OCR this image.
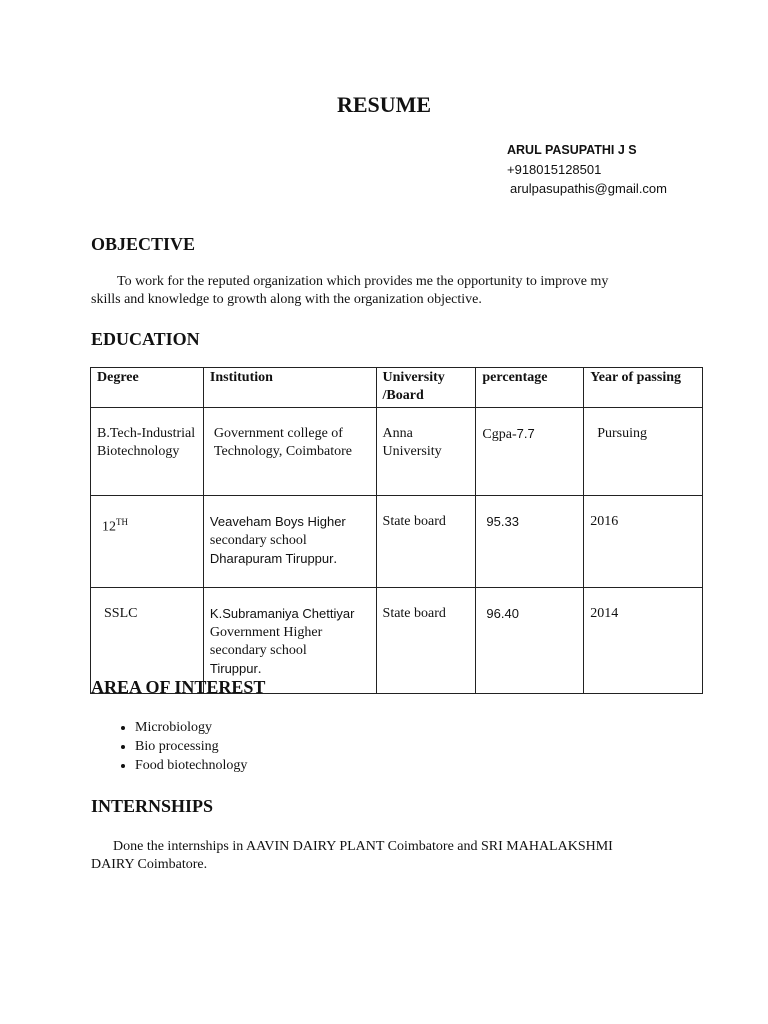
RESUME
ARUL PASUPATHI J S
+918015128501
arulpasupathis@gmail.com
OBJECTIVE

To work for the reputed organization which provides me the opportunity to improve my
skills and knowledge to growth along with the organization objective.

EDUCATION
Degree	Institution	University /Board	percentage	Year of passing
B.Tech-Industrial Biotechnology	Government college of Technology, Coimbatore	Anna University	Cgpa-7.7	Pursuing
12TH	Veaveham Boys Higher
secondary school
Dharapuram Tiruppur.	State board	95.33	2016
SSLC	K.Subramaniya Chettiyar
Government Higher
secondary school
Tiruppur.	State board	96.40	2014
AREA OF INTEREST
• Microbiology
• Bio processing
• Food biotechnology
INTERNSHIPS

Done the internships in AAVIN DAIRY PLANT Coimbatore and SRI MAHALAKSHMI
DAIRY Coimbatore.
